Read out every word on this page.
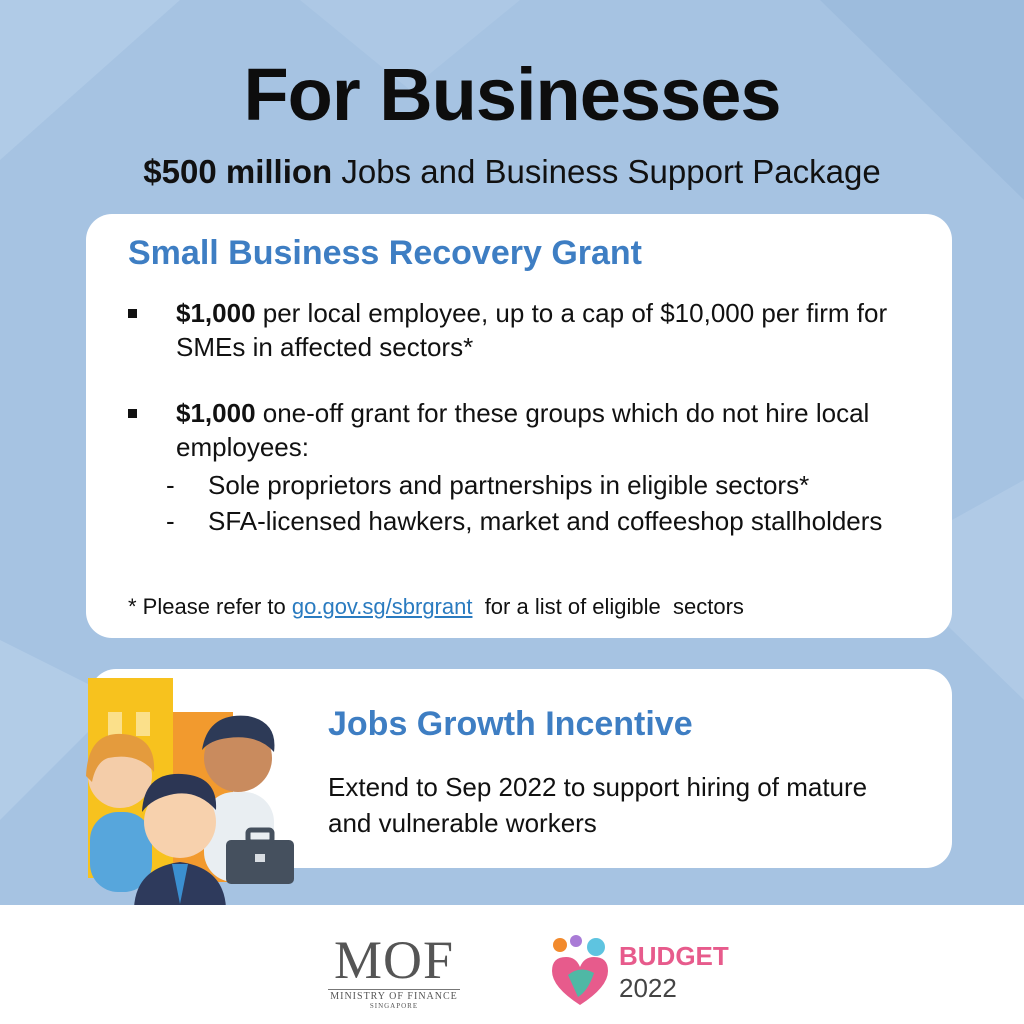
For Businesses
$500 million Jobs and Business Support Package
Small Business Recovery Grant
$1,000 per local employee, up to a cap of $10,000 per firm for SMEs in affected sectors*
$1,000 one-off grant for these groups which do not hire local employees:
-	Sole proprietors and partnerships in eligible sectors*
-	SFA-licensed hawkers, market and coffeeshop stallholders
* Please refer to go.gov.sg/sbrgrant  for a list of eligible  sectors
Jobs Growth Incentive
Extend to Sep 2022 to support hiring of mature and vulnerable workers
MOF
MINISTRY OF FINANCE
SINGAPORE
BUDGET
2022
